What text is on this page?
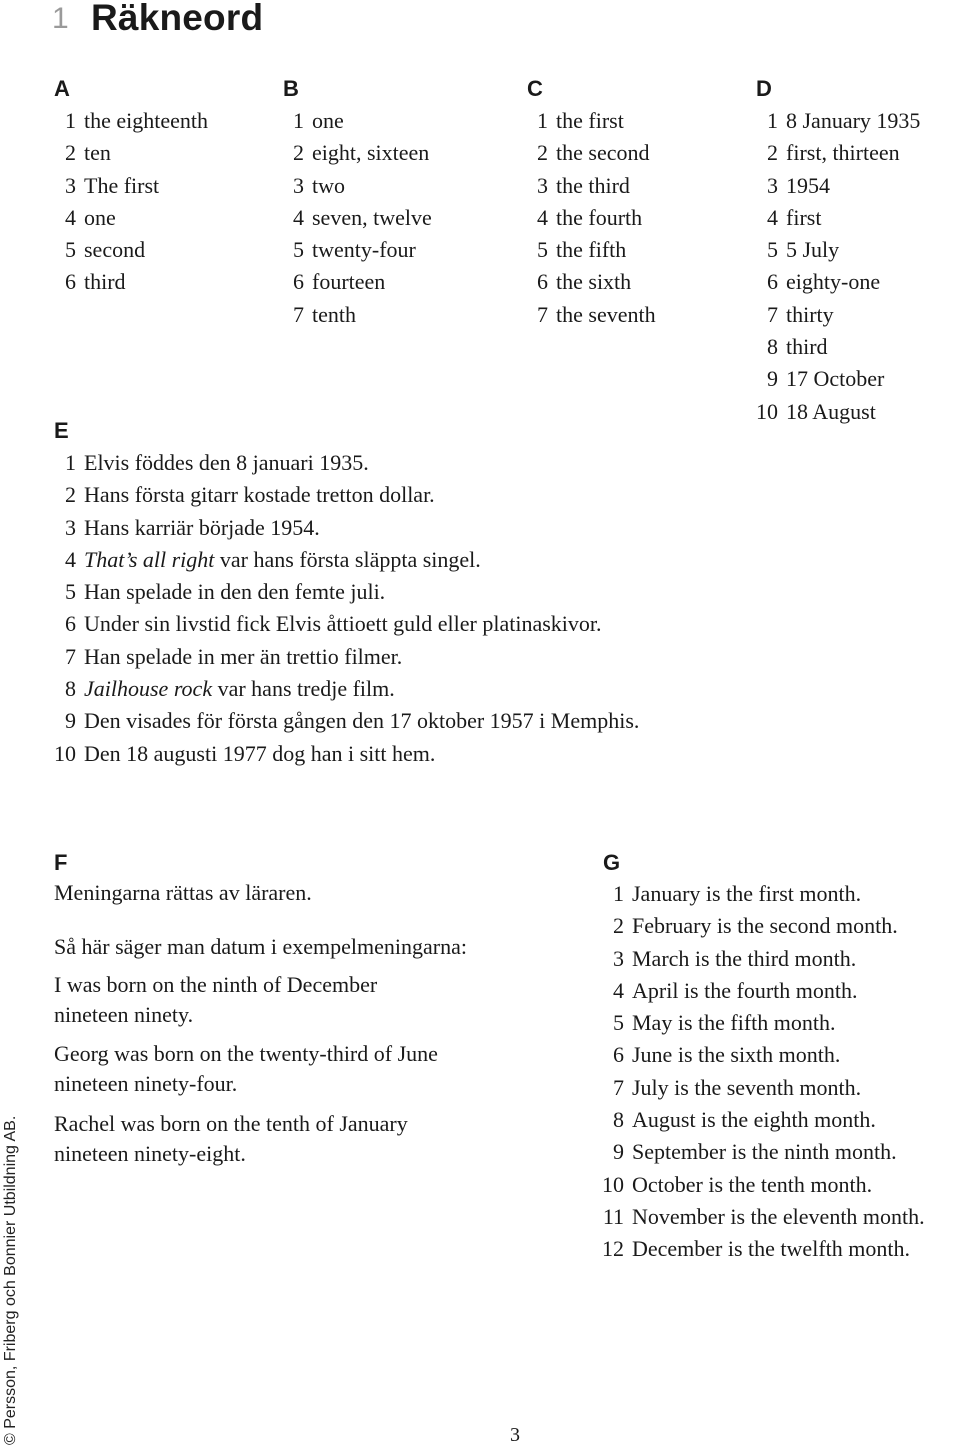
1 Räkneord
A
1 the eighteenth
2 ten
3 The first
4 one
5 second
6 third
B
1 one
2 eight, sixteen
3 two
4 seven, twelve
5 twenty-four
6 fourteen
7 tenth
C
1 the first
2 the second
3 the third
4 the fourth
5 the fifth
6 the sixth
7 the seventh
D
1 8 January 1935
2 first, thirteen
3 1954
4 first
5 5 July
6 eighty-one
7 thirty
8 third
9 17 October
10 18 August
E
1 Elvis föddes den 8 januari 1935.
2 Hans första gitarr kostade tretton dollar.
3 Hans karriär började 1954.
4 That’s all right var hans första släppta singel.
5 Han spelade in den den femte juli.
6 Under sin livstid fick Elvis åttioett guld eller platinaskivor.
7 Han spelade in mer än trettio filmer.
8 Jailhouse rock var hans tredje film.
9 Den visades för första gången den 17 oktober 1957 i Memphis.
10 Den 18 augusti 1977 dog han i sitt hem.
F
Meningarna rättas av läraren.
Så här säger man datum i exempelmeningarna:
I was born on the ninth of December
nineteen ninety.
Georg was born on the twenty-third of June
nineteen ninety-four.
Rachel was born on the tenth of January
nineteen ninety-eight.
G
1 January is the first month.
2 February is the second month.
3 March is the third month.
4 April is the fourth month.
5 May is the fifth month.
6 June is the sixth month.
7 July is the seventh month.
8 August is the eighth month.
9 September is the ninth month.
10 October is the tenth month.
11 November is the eleventh month.
12 December is the twelfth month.
© Persson, Friberg och Bonnier Utbildning AB.	3
